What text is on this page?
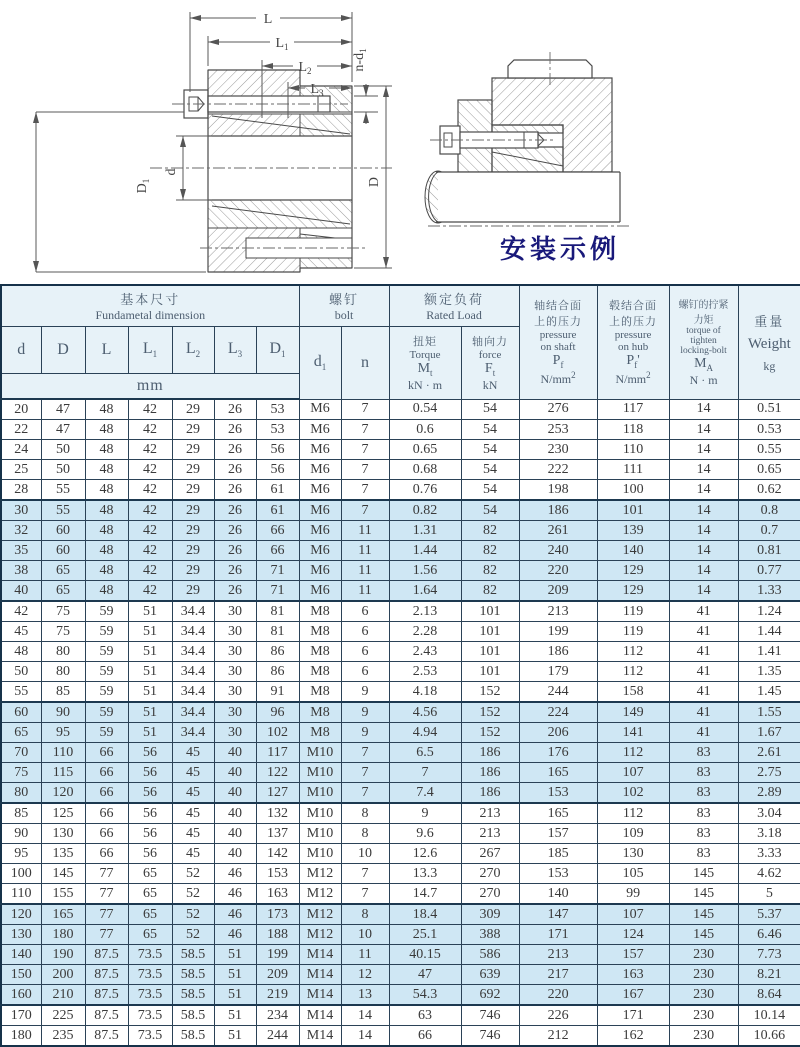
L
$L_1$
$L_2$
$L_3$
$n-d_1$
$D_1$
d
D
安装示例
基本尺寸
Fundametal dimension

螺钉
bolt

额定负荷
Rated Load

轴结合面
上的压力
pressure
on shaft
$P_f$
$N/mm^2$

毂结合面
上的压力
pressure
on hub
$P_f'$
$N/mm^2$

螺钉的拧紧
力矩
torque of
tighten
locking-bolt
$M_A$
N · m

重量
Weight
kg

d	D	L	$L_1$	$L_2$	$L_3$	$D_1$	$d_1$	n	
扭矩
Torque
$M_t$
kN · m

轴向力
force
$F_t$
kN

mm														
20	47	48	42	29	26	53	M6	7	0.54	54	276	117	14	0.51
22	47	48	42	29	26	53	M6	7	0.6	54	253	118	14	0.53
24	50	48	42	29	26	56	M6	7	0.65	54	230	110	14	0.55
25	50	48	42	29	26	56	M6	7	0.68	54	222	111	14	0.65
28	55	48	42	29	26	61	M6	7	0.76	54	198	100	14	0.62
30	55	48	42	29	26	61	M6	7	0.82	54	186	101	14	0.8
32	60	48	42	29	26	66	M6	11	1.31	82	261	139	14	0.7
35	60	48	42	29	26	66	M6	11	1.44	82	240	140	14	0.81
38	65	48	42	29	26	71	M6	11	1.56	82	220	129	14	0.77
40	65	48	42	29	26	71	M6	11	1.64	82	209	129	14	1.33
42	75	59	51	34.4	30	81	M8	6	2.13	101	213	119	41	1.24
45	75	59	51	34.4	30	81	M8	6	2.28	101	199	119	41	1.44
48	80	59	51	34.4	30	86	M8	6	2.43	101	186	112	41	1.41
50	80	59	51	34.4	30	86	M8	6	2.53	101	179	112	41	1.35
55	85	59	51	34.4	30	91	M8	9	4.18	152	244	158	41	1.45
60	90	59	51	34.4	30	96	M8	9	4.56	152	224	149	41	1.55
65	95	59	51	34.4	30	102	M8	9	4.94	152	206	141	41	1.67
70	110	66	56	45	40	117	M10	7	6.5	186	176	112	83	2.61
75	115	66	56	45	40	122	M10	7	7	186	165	107	83	2.75
80	120	66	56	45	40	127	M10	7	7.4	186	153	102	83	2.89
85	125	66	56	45	40	132	M10	8	9	213	165	112	83	3.04
90	130	66	56	45	40	137	M10	8	9.6	213	157	109	83	3.18
95	135	66	56	45	40	142	M10	10	12.6	267	185	130	83	3.33
100	145	77	65	52	46	153	M12	7	13.3	270	153	105	145	4.62
110	155	77	65	52	46	163	M12	7	14.7	270	140	99	145	5
120	165	77	65	52	46	173	M12	8	18.4	309	147	107	145	5.37
130	180	77	65	52	46	188	M12	10	25.1	388	171	124	145	6.46
140	190	87.5	73.5	58.5	51	199	M14	11	40.15	586	213	157	230	7.73
150	200	87.5	73.5	58.5	51	209	M14	12	47	639	217	163	230	8.21
160	210	87.5	73.5	58.5	51	219	M14	13	54.3	692	220	167	230	8.64
170	225	87.5	73.5	58.5	51	234	M14	14	63	746	226	171	230	10.14
180	235	87.5	73.5	58.5	51	244	M14	14	66	746	212	162	230	10.66
